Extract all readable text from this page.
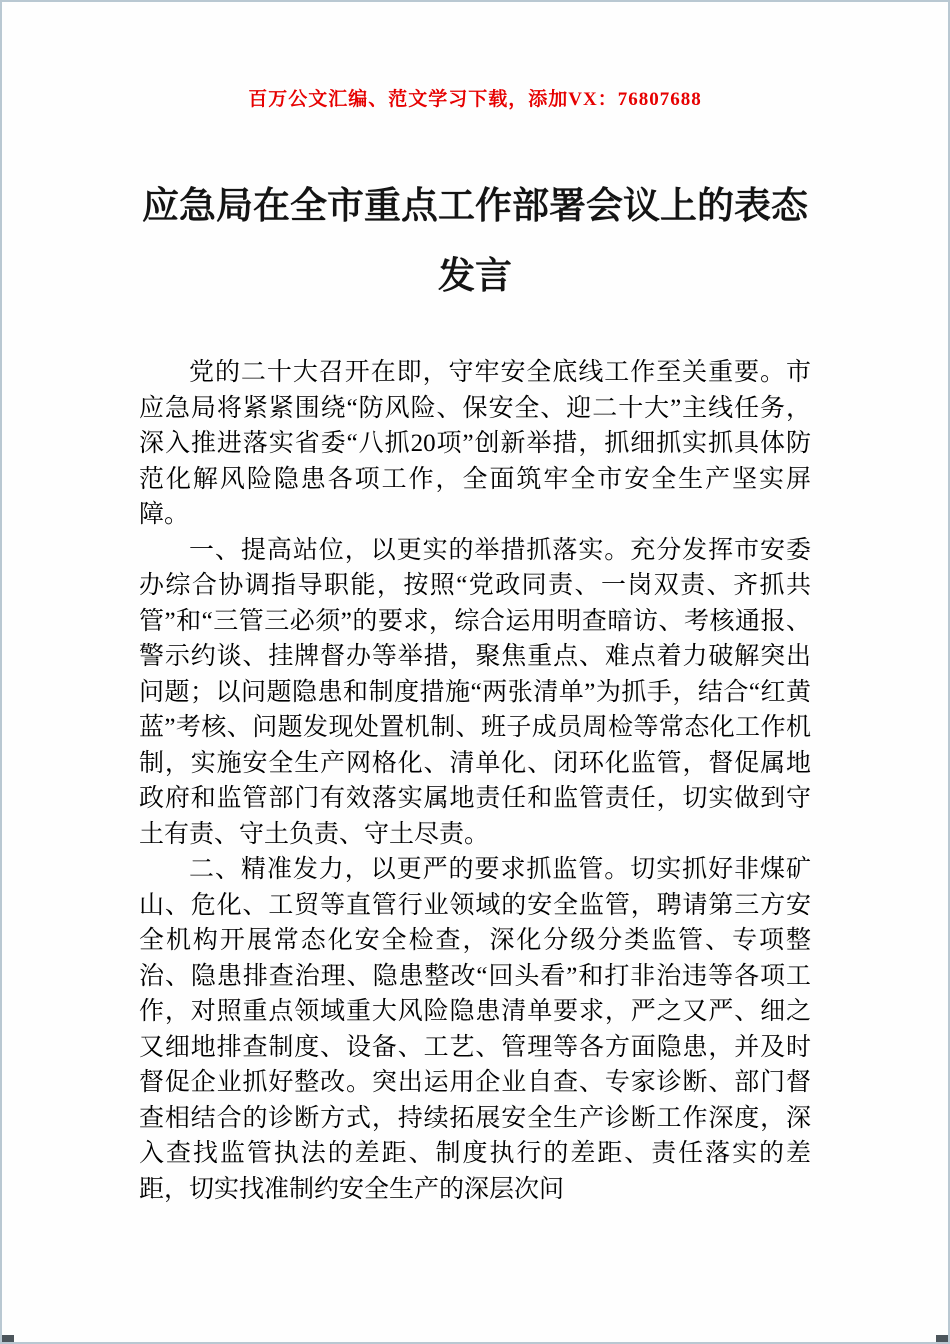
百万公文汇编、范文学习下载，添加VX：76807688
应急局在全市重点工作部署会议上的表态发言

党的二十大召开在即，守牢安全底线工作至关重要。市应急局将紧紧围绕“防风险、保安全、迎二十大”主线任务，深入推进落实省委“八抓20项”创新举措，抓细抓实抓具体防范化解风险隐患各项工作，全面筑牢全市安全生产坚实屏障。

一、提高站位，以更实的举措抓落实。充分发挥市安委办综合协调指导职能，按照“党政同责、一岗双责、齐抓共管”和“三管三必须”的要求，综合运用明查暗访、考核通报、警示约谈、挂牌督办等举措，聚焦重点、难点着力破解突出问题；以问题隐患和制度措施“两张清单”为抓手，结合“红黄蓝”考核、问题发现处置机制、班子成员周检等常态化工作机制，实施安全生产网格化、清单化、闭环化监管，督促属地政府和监管部门有效落实属地责任和监管责任，切实做到守土有责、守土负责、守土尽责。

二、精准发力，以更严的要求抓监管。切实抓好非煤矿山、危化、工贸等直管行业领域的安全监管，聘请第三方安全机构开展常态化安全检查，深化分级分类监管、专项整治、隐患排查治理、隐患整改“回头看”和打非治违等各项工作，对照重点领域重大风险隐患清单要求，严之又严、细之又细地排查制度、设备、工艺、管理等各方面隐患，并及时督促企业抓好整改。突出运用企业自查、专家诊断、部门督查相结合的诊断方式，持续拓展安全生产诊断工作深度，深入查找监管执法的差距、制度执行的差距、责任落实的差距，切实找准制约安全生产的深层次问
